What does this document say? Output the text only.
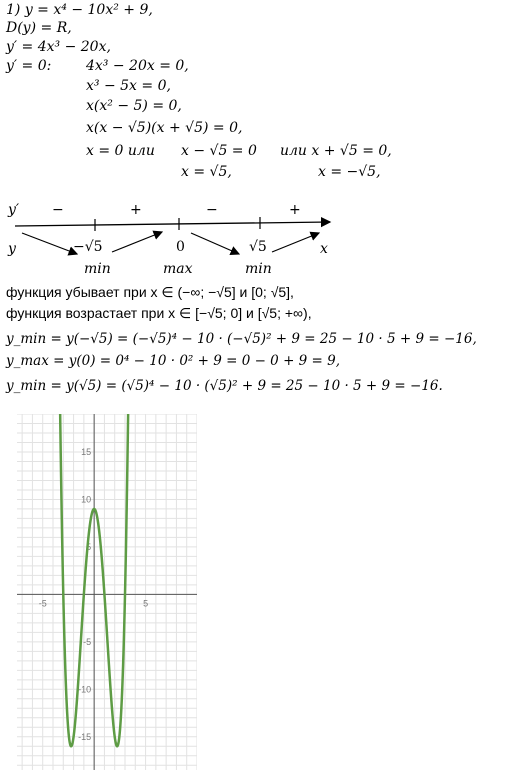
1) y = x⁴ − 10x² + 9,
D(y) = R,
y′ = 4x³ − 20x,
y′ = 0: 4x³ − 20x = 0,
x³ − 5x = 0,
x(x² − 5) = 0,
x(x − √5)(x + √5) = 0,
x = 0 или x − √5 = 0 или x + √5 = 0,
x = √5,	x = −√5,
y′ −	+	−	+
y	−√5	0	√5	x
min	max	min
функция убывает при x ∈ (−∞; −√5] и [0; √5],
функция возрастает при x ∈ [−√5; 0] и [√5; +∞),
y_min = y(−√5) = (−√5)⁴ − 10 · (−√5)² + 9 = 25 − 10 · 5 + 9 = −16,
y_max = y(0) = 0⁴ − 10 · 0² + 9 = 0 − 0 + 9 = 9,
y_min = y(√5) = (√5)⁴ − 10 · (√5)² + 9 = 25 − 10 · 5 + 9 = −16.
-5	5
15
10
5
-5
-10
-15
